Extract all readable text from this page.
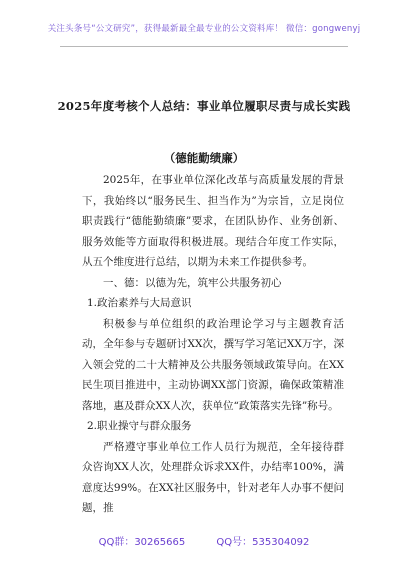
关注头条号“公文研究”，获得最新最全最专业的公文资料库！ 微信：gongwenyj
2025年度考核个人总结：事业单位履职尽责与成长实践
（德能勤绩廉）

2025年，在事业单位深化改革与高质量发展的背景下，我始终以“服务民生、担当作为”为宗旨，立足岗位职责践行“德能勤绩廉”要求，在团队协作、业务创新、服务效能等方面取得积极进展。现结合年度工作实际，从五个维度进行总结，以期为未来工作提供参考。

一、德：以德为先，筑牢公共服务初心

1.政治素养与大局意识

积极参与单位组织的政治理论学习与主题教育活动，全年参与专题研讨XX次，撰写学习笔记XX万字，深入领会党的二十大精神及公共服务领域政策导向。在XX民生项目推进中，主动协调XX部门资源，确保政策精准落地，惠及群众XX人次，获单位“政策落实先锋”称号。

2.职业操守与群众服务

严格遵守事业单位工作人员行为规范，全年接待群众咨询XX人次，处理群众诉求XX件，办结率100%，满意度达99%。在XX社区服务中，针对老年人办事不便问题，推

QQ群：30265665	QQ号：535304092
